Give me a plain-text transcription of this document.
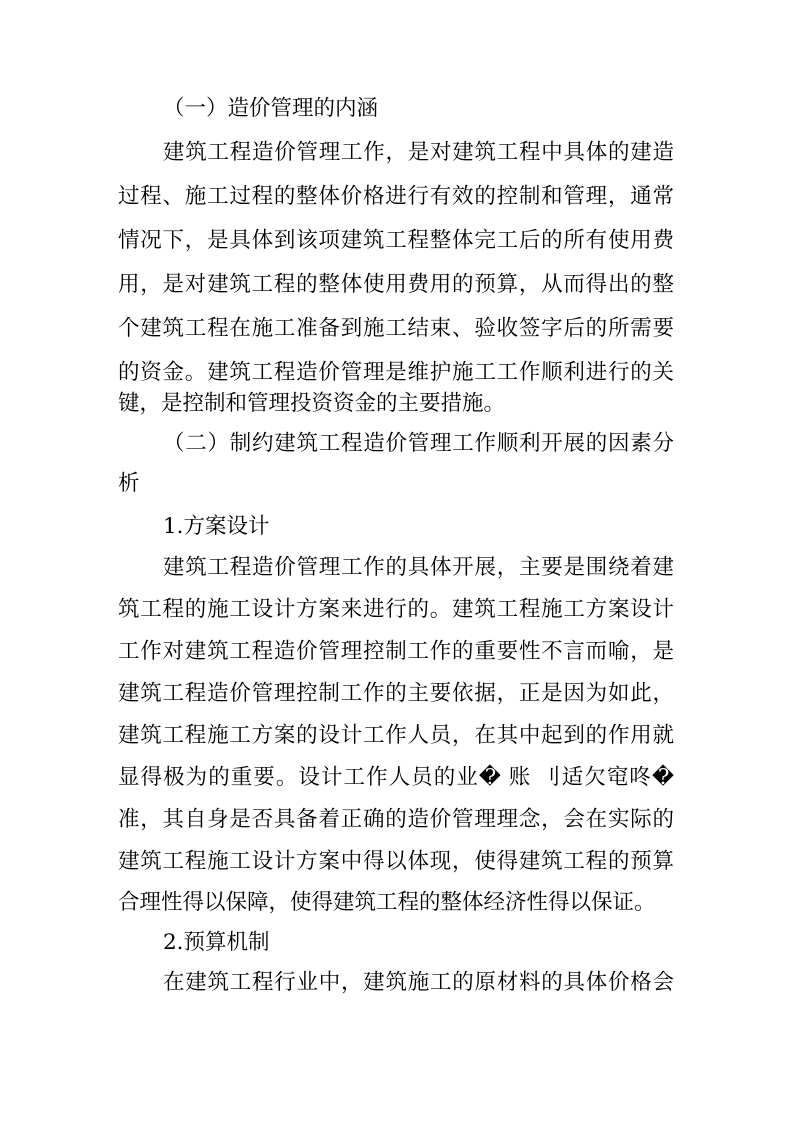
（一）造价管理的内涵
建筑工程造价管理工作，是对建筑工程中具体的建造
过程、施工过程的整体价格进行有效的控制和管理，通常
情况下，是具体到该项建筑工程整体完工后的所有使用费
用，是对建筑工程的整体使用费用的预算，从而得出的整
个建筑工程在施工准备到施工结束、验收签字后的所需要
的资金。建筑工程造价管理是维护施工工作顺利进行的关
键，是控制和管理投资资金的主要措施。
（二）制约建筑工程造价管理工作顺利开展的因素分
析
1.方案设计
建筑工程造价管理工作的具体开展，主要是围绕着建
筑工程的施工设计方案来进行的。建筑工程施工方案设计
工作对建筑工程造价管理控制工作的重要性不言而喻，是
建筑工程造价管理控制工作的主要依据，正是因为如此，
建筑工程施工方案的设计工作人员，在其中起到的作用就
显得极为的重要。设计工作人员的业� 账 刂适欠窀咚�
准，其自身是否具备着正确的造价管理理念，会在实际的
建筑工程施工设计方案中得以体现，使得建筑工程的预算
合理性得以保障，使得建筑工程的整体经济性得以保证。
2.预算机制
在建筑工程行业中，建筑施工的原材料的具体价格会
